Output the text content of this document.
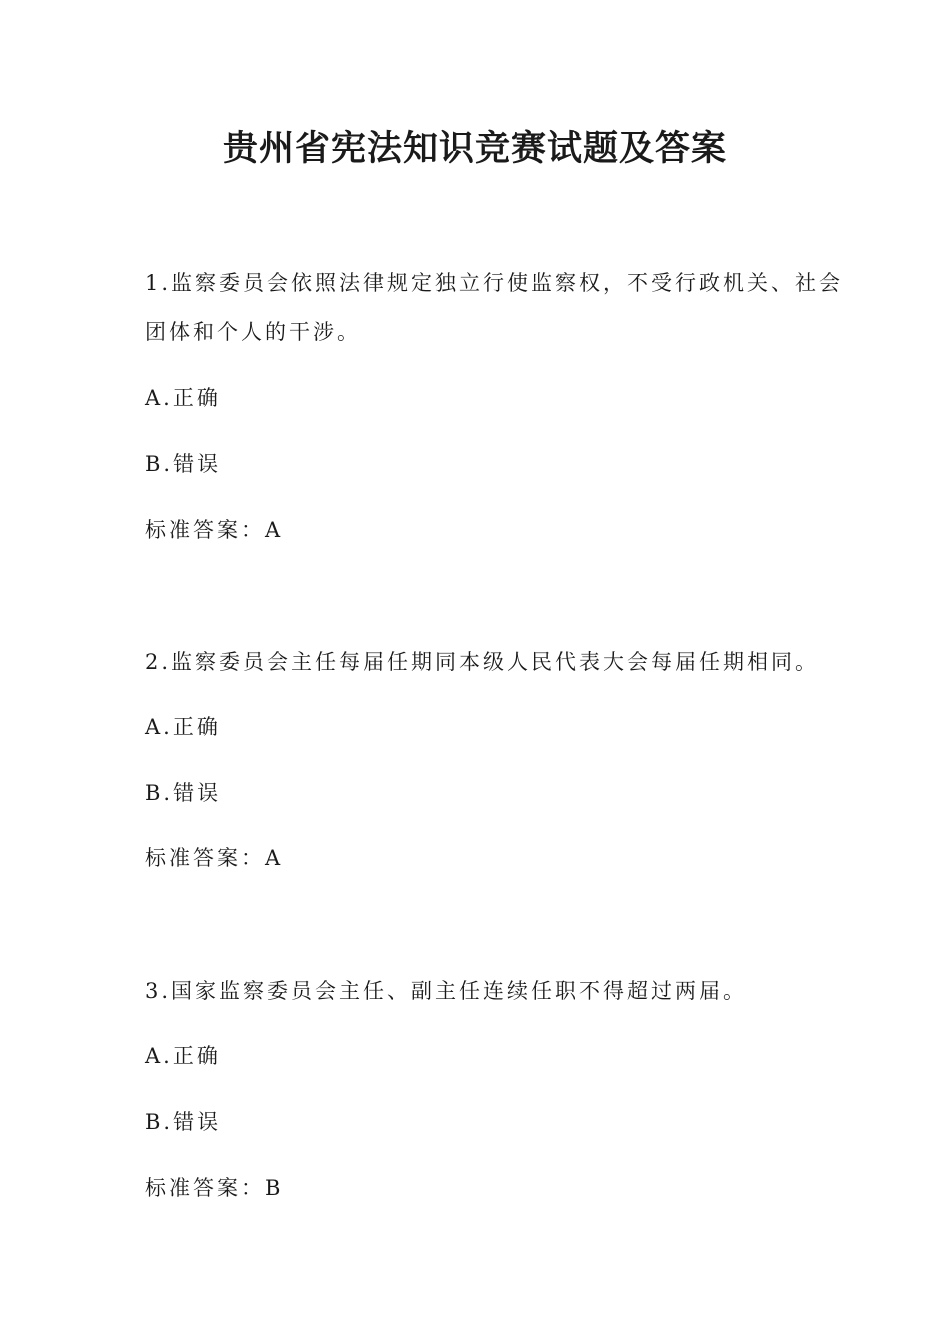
贵州省宪法知识竞赛试题及答案
1.监察委员会依照法律规定独立行使监察权，不受行政机关、社会
团体和个人的干涉。
A.正确
B.错误
标准答案：A
2.监察委员会主任每届任期同本级人民代表大会每届任期相同。
A.正确
B.错误
标准答案：A
3.国家监察委员会主任、副主任连续任职不得超过两届。
A.正确
B.错误
标准答案：B
